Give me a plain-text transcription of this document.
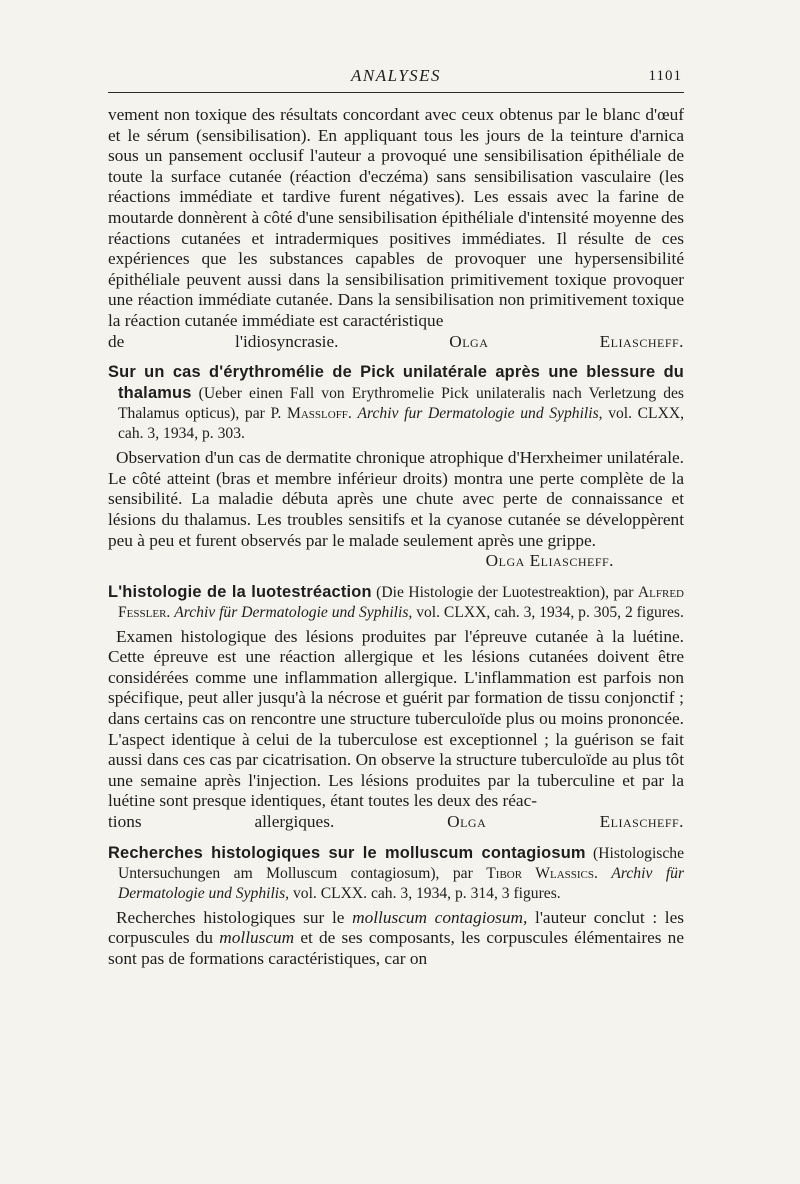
ANALYSES	1101

vement non toxique des résultats concordant avec ceux obtenus par le blanc d'œuf et le sérum (sensibilisation). En appliquant tous les jours de la teinture d'arnica sous un pansement occlusif l'auteur a provoqué une sensibilisation épithéliale de toute la surface cutanée (réaction d'eczéma) sans sensibilisation vasculaire (les réactions immédiate et tardive furent négatives). Les essais avec la farine de moutarde donnèrent à côté d'une sensibilisation épithéliale d'intensité moyenne des réactions cutanées et intradermiques positives immédiates. Il résulte de ces expériences que les substances capables de provoquer une hypersensibilité épithéliale peuvent aussi dans la sensibilisation primitivement toxique provoquer une réaction immédiate cutanée. Dans la sensibilisation non primitivement toxique la réaction cutanée immédiate est caractéristique

de l'idiosyncrasie.	Olga Eliascheff.

Sur un cas d'érythromélie de Pick unilatérale après une blessure du thalamus (Ueber einen Fall von Erythromelie Pick unilateralis nach Verletzung des Thalamus opticus), par P. Massloff. Archiv fur Dermatologie und Syphilis, vol. CLXX, cah. 3, 1934, p. 303.

Observation d'un cas de dermatite chronique atrophique d'Herxheimer unilatérale. Le côté atteint (bras et membre inférieur droits) montra une perte complète de la sensibilité. La maladie débuta après une chute avec perte de connaissance et lésions du thalamus. Les troubles sensitifs et la cyanose cutanée se développèrent peu à peu et furent observés par le malade seulement après une grippe.

Olga Eliascheff.

L'histologie de la luotestréaction (Die Histologie der Luotestreaktion), par Alfred Fessler. Archiv für Dermatologie und Syphilis, vol. CLXX, cah. 3, 1934, p. 305, 2 figures.

Examen histologique des lésions produites par l'épreuve cutanée à la luétine. Cette épreuve est une réaction allergique et les lésions cutanées doivent être considérées comme une inflammation allergique. L'inflammation est parfois non spécifique, peut aller jusqu'à la nécrose et guérit par formation de tissu conjonctif ; dans certains cas on rencontre une structure tuberculoïde plus ou moins prononcée. L'aspect identique à celui de la tuberculose est exceptionnel ; la guérison se fait aussi dans ces cas par cicatrisation. On observe la structure tuberculoïde au plus tôt une semaine après l'injection. Les lésions produites par la tuberculine et par la luétine sont presque identiques, étant toutes les deux des réac-

tions allergiques.	Olga Eliascheff.

Recherches histologiques sur le molluscum contagiosum (Histologische Untersuchungen am Molluscum contagiosum), par Tibor Wlassics. Archiv für Dermatologie und Syphilis, vol. CLXX. cah. 3, 1934, p. 314, 3 figures.

Recherches histologiques sur le molluscum contagiosum, l'auteur conclut : les corpuscules du molluscum et de ses composants, les corpuscules élémentaires ne sont pas de formations caractéristiques, car on
